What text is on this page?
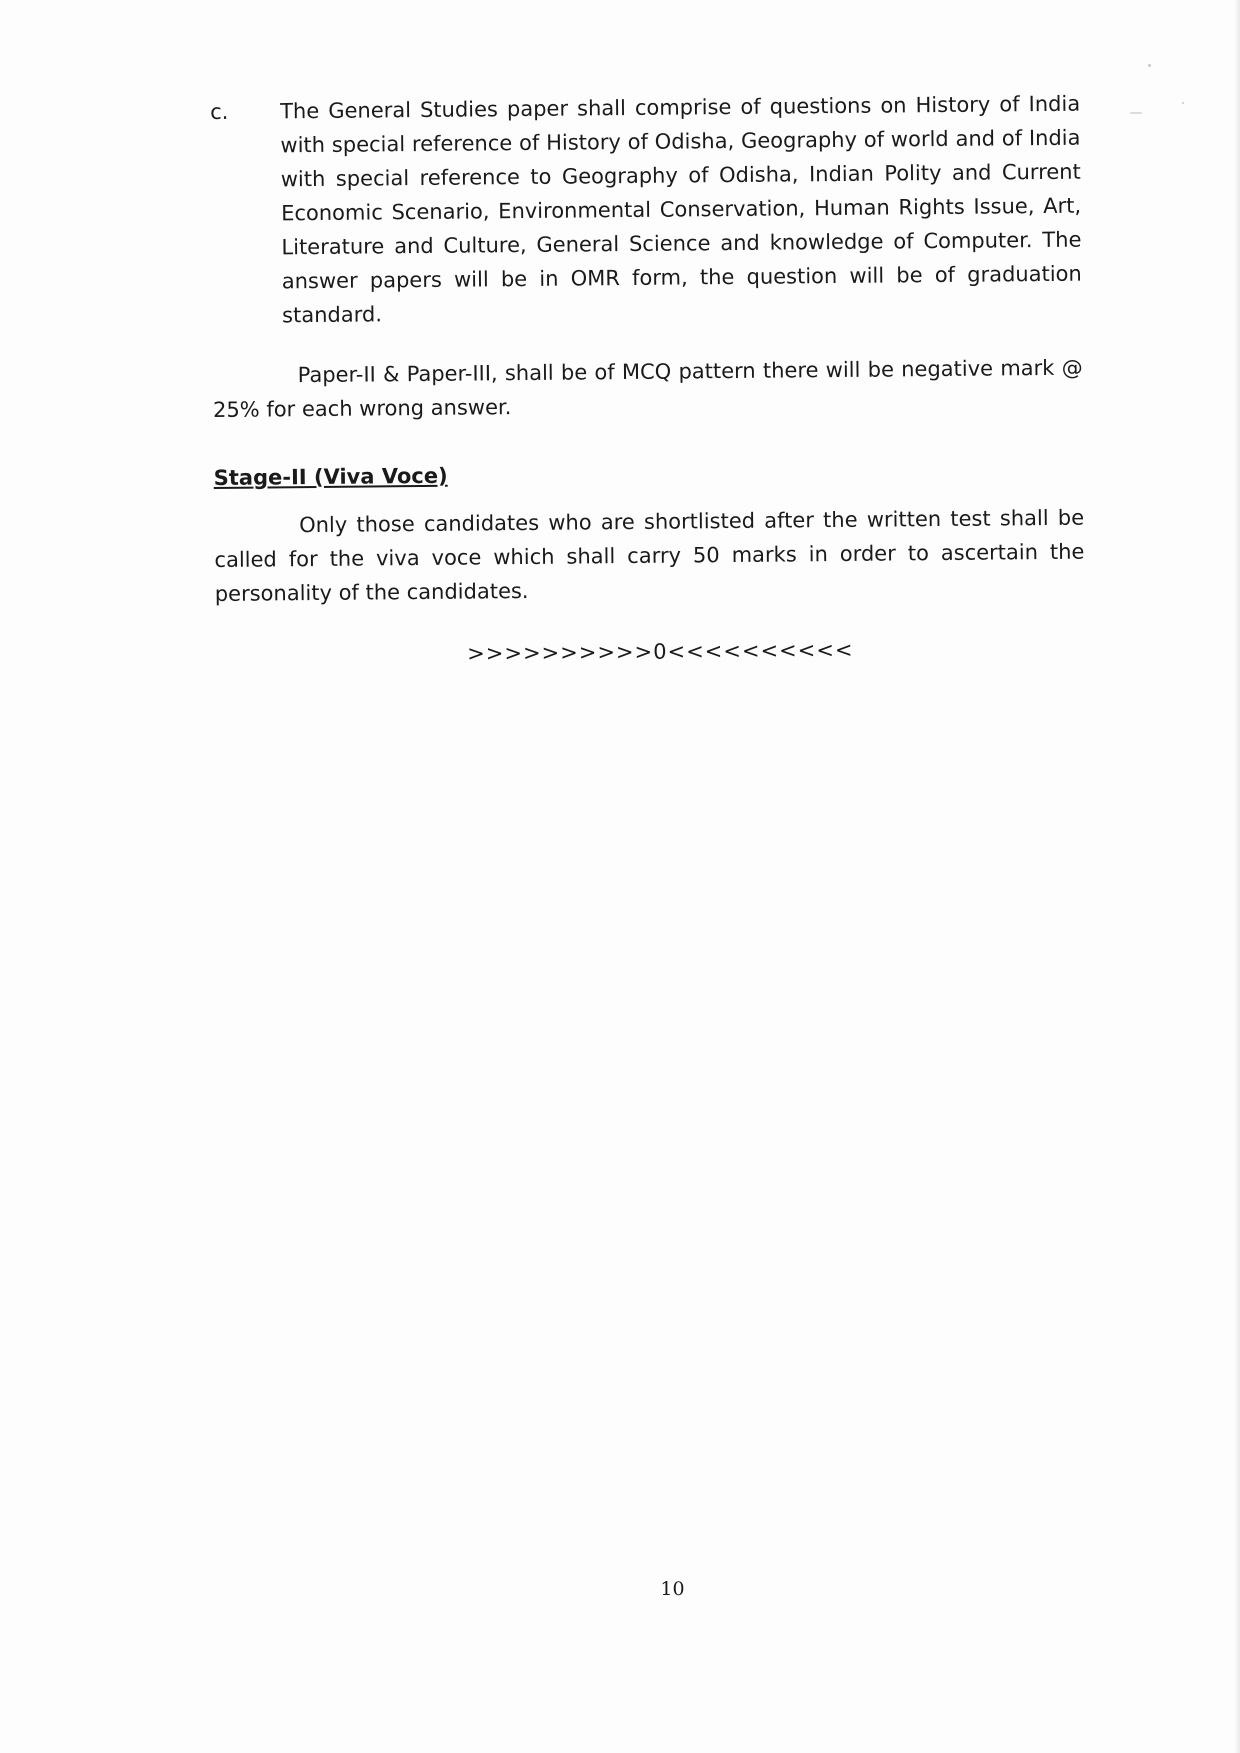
c.	The General Studies paper shall comprise of questions on History of India with special reference of History of Odisha, Geography of world and of India with special reference to Geography of Odisha, Indian Polity and Current Economic Scenario, Environmental Conservation, Human Rights Issue, Art, Literature and Culture, General Science and knowledge of Computer. The answer papers will be in OMR form, the question will be of graduation standard.

Paper-II & Paper-III, shall be of MCQ pattern there will be negative mark @ 25% for each wrong answer.

Stage-II (Viva Voce)

Only those candidates who are shortlisted after the written test shall be called for the viva voce which shall carry 50 marks in order to ascertain the personality of the candidates.

>>>>>>>>>>0<<<<<<<<<<
10
